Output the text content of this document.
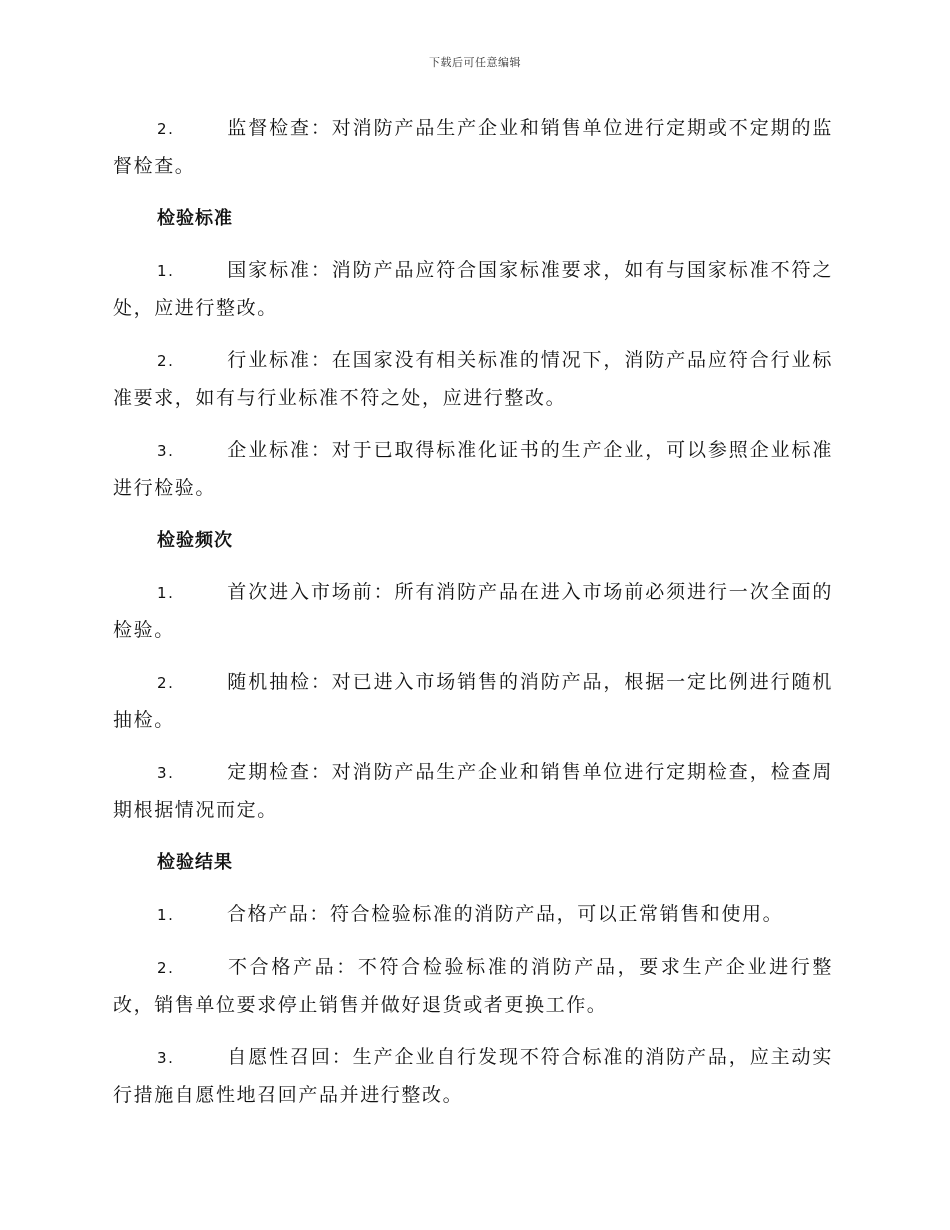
下载后可任意编辑

2.	监督检查：对消防产品生产企业和销售单位进行定期或不定期的监督检查。

检验标准

1.	国家标准：消防产品应符合国家标准要求，如有与国家标准不符之处，应进行整改。

2.	行业标准：在国家没有相关标准的情况下，消防产品应符合行业标准要求，如有与行业标准不符之处，应进行整改。

3.	企业标准：对于已取得标准化证书的生产企业，可以参照企业标准进行检验。

检验频次

1.	首次进入市场前：所有消防产品在进入市场前必须进行一次全面的检验。

2.	随机抽检：对已进入市场销售的消防产品，根据一定比例进行随机抽检。

3.	定期检查：对消防产品生产企业和销售单位进行定期检查，检查周期根据情况而定。

检验结果

1.	合格产品：符合检验标准的消防产品，可以正常销售和使用。

2.	不合格产品：不符合检验标准的消防产品，要求生产企业进行整改，销售单位要求停止销售并做好退货或者更换工作。

3.	自愿性召回：生产企业自行发现不符合标准的消防产品，应主动实行措施自愿性地召回产品并进行整改。
